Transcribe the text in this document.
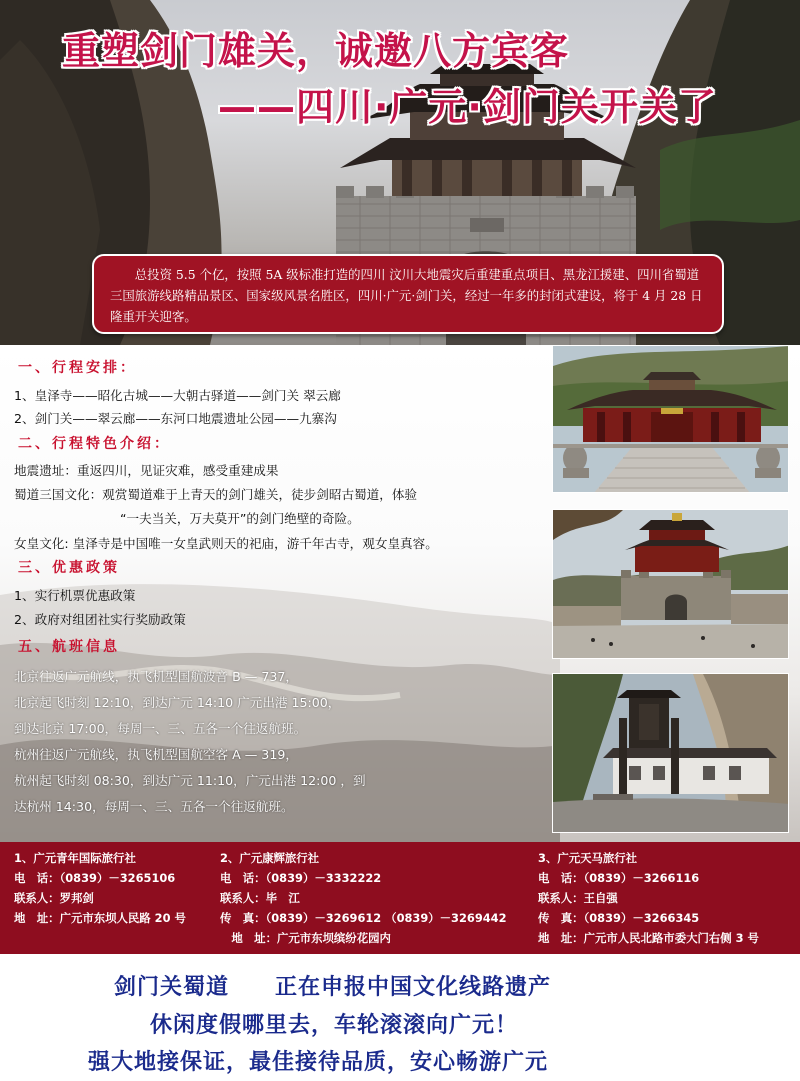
重塑剑门雄关，诚邀八方宾客
——四川·广元·剑门关开关了
总投资 5.5 个亿，按照 5A 级标准打造的四川 汶川大地震灾后重建重点项目、黑龙江援建、四川省蜀道三国旅游线路精品景区、国家级风景名胜区，四川·广元·剑门关，经过一年多的封闭式建设，将于 4 月 28 日隆重开关迎客。
一、行程安排：
1、皇泽寺——昭化古城——大朝古驿道——剑门关 翠云廊
2、剑门关——翠云廊——东河口地震遗址公园——九寨沟
二、行程特色介绍：
地震遗址：重返四川，见证灾难，感受重建成果
蜀道三国文化：观赏蜀道难于上青天的剑门雄关，徒步剑昭古蜀道，体验
“一夫当关，万夫莫开”的剑门绝壁的奇险。
女皇文化: 皇泽寺是中国唯一女皇武则天的祀庙，游千年古寺，观女皇真容。
三、优惠政策
1、实行机票优惠政策
2、政府对组团社实行奖励政策
五、航班信息
北京往返广元航线，执飞机型国航波音 B — 737，
北京起飞时刻 12:10，到达广元 14:10 广元出港 15:00，
到达北京 17:00，每周一、三、五各一个往返航班。
杭州往返广元航线，执飞机型国航空客 A — 319，
杭州起飞时刻 08:30，到达广元 11:10，广元出港 12:00 ，到
达杭州 14:30，每周一、三、五各一个往返航班。
1、广元青年国际旅行社
电　话：（0839）－3265106
联系人：罗邦剑
地　址：广元市东坝人民路 20 号
2、广元康辉旅行社
电　话：（0839）－3332222
联系人：毕　江
传　真：（0839）－3269612 （0839）－3269442
　地　址：广元市东坝缤纷花园内
3、广元天马旅行社
电　话：（0839）－3266116
联系人：王自强
传　真：（0839）－3266345
地　址：广元市人民北路市委大门右侧 3 号
剑门关蜀道　　正在申报中国文化线路遗产
休闲度假哪里去，车轮滚滚向广元！
强大地接保证，最佳接待品质，安心畅游广元
